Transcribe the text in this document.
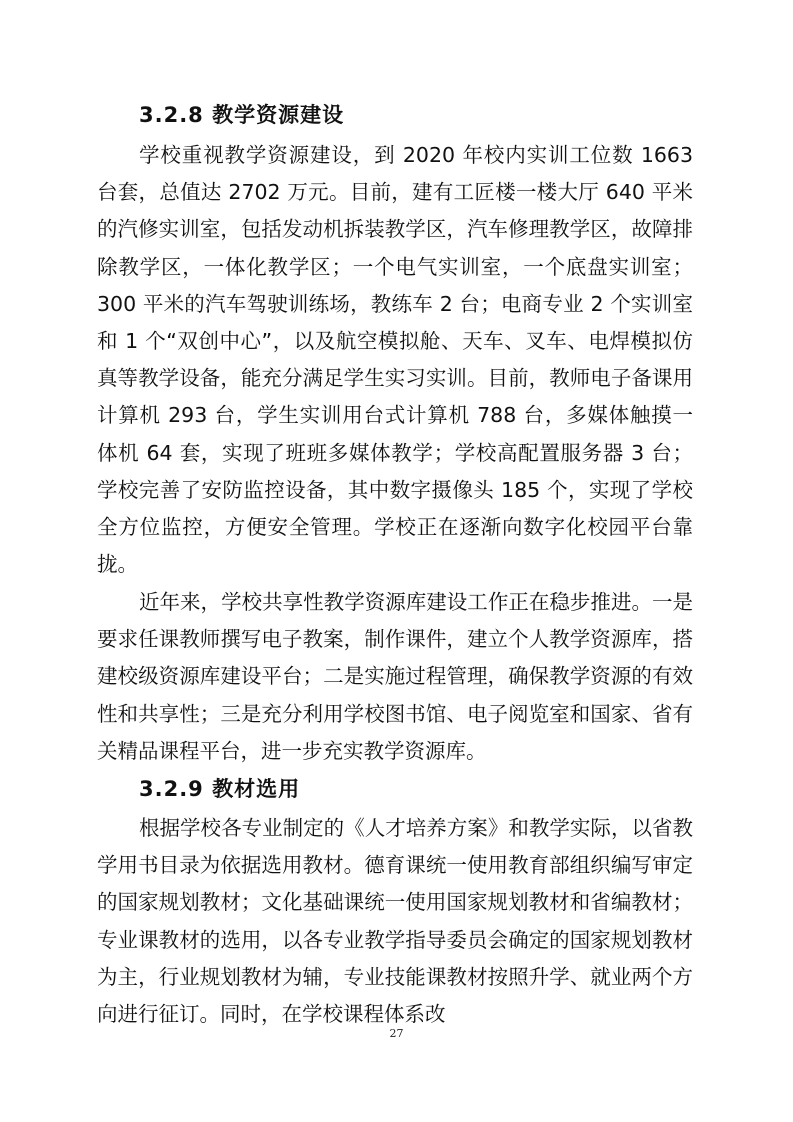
3.2.8 教学资源建设
学校重视教学资源建设，到 2020 年校内实训工位数 1663 台套，总值达 2702 万元。目前，建有工匠楼一楼大厅 640 平米的汽修实训室，包括发动机拆装教学区，汽车修理教学区，故障排除教学区，一体化教学区；一个电气实训室，一个底盘实训室；300 平米的汽车驾驶训练场，教练车 2 台；电商专业 2 个实训室和 1 个“双创中心”，以及航空模拟舱、天车、叉车、电焊模拟仿真等教学设备，能充分满足学生实习实训。目前，教师电子备课用计算机 293 台，学生实训用台式计算机 788 台，多媒体触摸一体机 64 套，实现了班班多媒体教学；学校高配置服务器 3 台；学校完善了安防监控设备，其中数字摄像头 185 个，实现了学校全方位监控，方便安全管理。学校正在逐渐向数字化校园平台靠拢。
近年来，学校共享性教学资源库建设工作正在稳步推进。一是要求任课教师撰写电子教案，制作课件，建立个人教学资源库，搭建校级资源库建设平台；二是实施过程管理，确保教学资源的有效性和共享性；三是充分利用学校图书馆、电子阅览室和国家、省有关精品课程平台，进一步充实教学资源库。
3.2.9 教材选用
根据学校各专业制定的《人才培养方案》和教学实际，以省教学用书目录为依据选用教材。德育课统一使用教育部组织编写审定的国家规划教材；文化基础课统一使用国家规划教材和省编教材；专业课教材的选用，以各专业教学指导委员会确定的国家规划教材为主，行业规划教材为辅，专业技能课教材按照升学、就业两个方向进行征订。同时，在学校课程体系改
27
